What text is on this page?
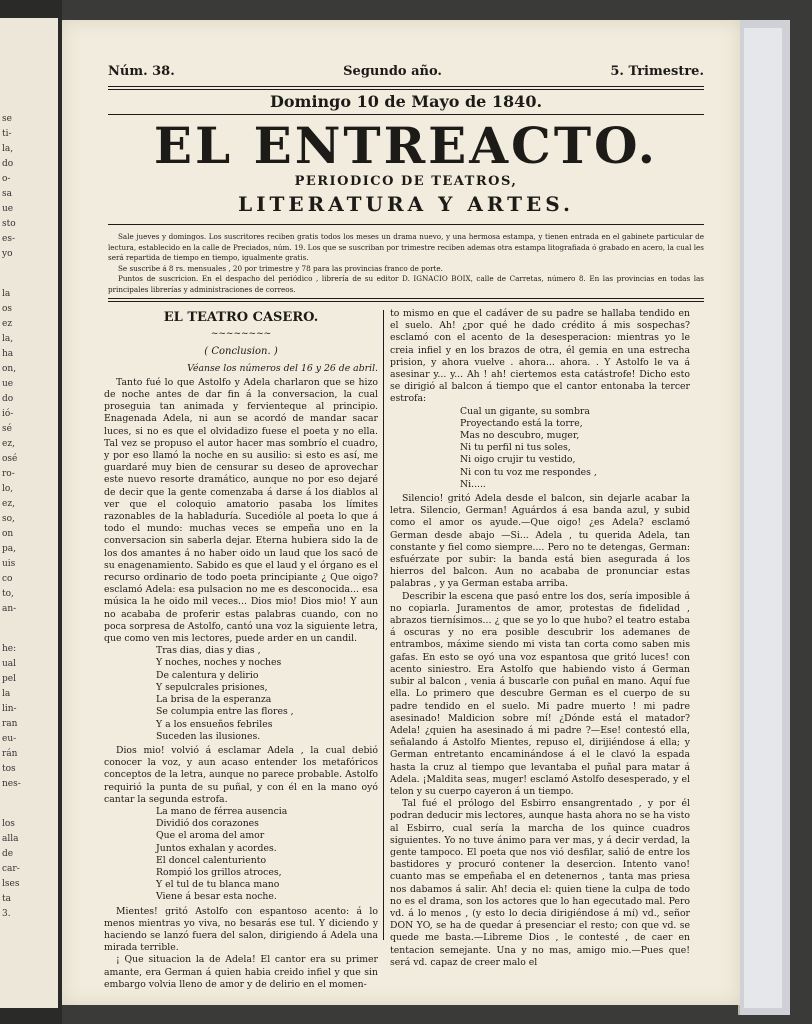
se
ti-
la,
do
o-
sa
ue
sto
es-
yo
la
os
ez
la,
ha
on,
ue
do
ió-
sé
ez,
osé
ro-
lo,
ez,
so,
on
pa,
uis
co
to,
an-
he:
ual
pel
la
lin-
ran
eu-
rán
tos
nes-
los
alla
de
car-
lses
ta
3.
Núm. 38.	Segundo año.	5. Trimestre.
Domingo 10 de Mayo de 1840.
EL ENTREACTO.
PERIODICO DE TEATROS,
LITERATURA Y ARTES.

Sale jueves y domingos. Los suscritores reciben gratis todos los meses un drama nuevo, y una hermosa estampa, y tienen entrada en el gabinete particular de lectura, establecido en la calle de Preciados, núm. 19. Los que se suscriban por trimestre reciben ademas otra estampa litografiada ó grabado en acero, la cual les será repartida de tiempo en tiempo, igualmente gratis.

Se suscribe á 8 rs. mensuales , 20 por trimestre y 78 para las provincias franco de porte.

Puntos de suscricion. En el despacho del periódico , librería de su editor D. IGNACIO BOIX, calle de Carretas, número 8. En las provincias en todas las principales librerías y administraciones de correos.

EL TEATRO CASERO.

~~~~~~~~

( Conclusion. )

Véanse los números del 16 y 26 de abril.

Tanto fué lo que Astolfo y Adela charlaron que se hizo de noche antes de dar fin á la conversacion, la cual proseguia tan animada y fervienteque al principio. Enagenada Adela, ni aun se acordó de mandar sacar luces, si no es que el olvidadizo fuese el poeta y no ella. Tal vez se propuso el autor hacer mas sombrío el cuadro, y por eso llamó la noche en su ausilio: si esto es así, me guardaré muy bien de censurar su deseo de aprovechar este nuevo resorte dramático, aunque no por eso dejaré de decir que la gente comenzaba á darse á los diablos al ver que el coloquio amatorio pasaba los límites razonables de la habladuría. Sucedióle al poeta lo que á todo el mundo: muchas veces se empeña uno en la conversacion sin saberla dejar. Eterna hubiera sido la de los dos amantes á no haber oido un laud que los sacó de su enagenamiento. Sabido es que el laud y el órgano es el recurso ordinario de todo poeta principiante ¿ Que oigo? esclamó Adela: esa pulsacion no me es desconocida... esa música la he oido mil veces... Dios mio! Dios mio! Y aun no acababa de proferir estas palabras cuando, con no poca sorpresa de Astolfo, cantó una voz la siguiente letra, que como ven mis lectores, puede arder en un candil.

Tras dias, dias y dias ,
Y noches, noches y noches
De calentura y delirio
Y sepulcrales prisiones,
La brisa de la esperanza
Se columpia entre las flores ,
Y a los ensueños febriles
Suceden las ilusiones.

Dios mio! volvió á esclamar Adela , la cual debió conocer la voz, y aun acaso entender los metafóricos conceptos de la letra, aunque no parece probable. Astolfo requirió la punta de su puñal, y con él en la mano oyó cantar la segunda estrofa.

La mano de férrea ausencia
Dividió dos corazones
Que el aroma del amor
Juntos exhalan y acordes.
El doncel calenturiento
Rompió los grillos atroces,
Y el tul de tu blanca mano
Viene á besar esta noche.

Mientes! gritó Astolfo con espantoso acento: á lo menos mientras yo viva, no besarás ese tul. Y diciendo y haciendo se lanzó fuera del salon, dirigiendo á Adela una mirada terrible.

¡ Que situacion la de Adela! El cantor era su primer amante, era German á quien habia creido infiel y que sin embargo volvia lleno de amor y de delirio en el momen-

to mismo en que el cadáver de su padre se hallaba tendido en el suelo. Ah! ¿por qué he dado crédito á mis sospechas? esclamó con el acento de la desesperacion: mientras yo le creia infiel y en los brazos de otra, él gemia en una estrecha prision, y ahora vuelve . ahora... ahora. . Y Astolfo le va á asesinar y... y... Ah ! ah! ciertemos esta catástrofe! Dicho esto se dirigió al balcon á tiempo que el cantor entonaba la tercer estrofa:

Cual un gigante, su sombra
Proyectando está la torre,
Mas no descubro, muger,
Ni tu perfil ni tus soles,
Ni oigo crujir tu vestido,
Ni con tu voz me respondes ,
Ni.....

Silencio! gritó Adela desde el balcon, sin dejarle acabar la letra. Silencio, German! Aguárdos á esa banda azul, y subid como el amor os ayude.—Que oigo! ¿es Adela? esclamó German desde abajo —Si... Adela , tu querida Adela, tan constante y fiel como siempre.... Pero no te detengas, German: esfuérzate por subir: la banda está bien asegurada á los hierros del balcon. Aun no acababa de pronunciar estas palabras , y ya German estaba arriba.

Describir la escena que pasó entre los dos, sería imposible á no copiarla. Juramentos de amor, protestas de fidelidad , abrazos tiernísimos... ¿ que se yo lo que hubo? el teatro estaba á oscuras y no era posible descubrir los ademanes de entrambos, máxime siendo mi vista tan corta como saben mis gafas. En esto se oyó una voz espantosa que gritó luces! con acento siniestro. Era Astolfo que habiendo visto á German subir al balcon , venia á buscarle con puñal en mano. Aquí fue ella. Lo primero que descubre German es el cuerpo de su padre tendido en el suelo. Mi padre muerto ! mi padre asesinado! Maldicion sobre mí! ¿Dónde está el matador? Adela! ¿quien ha asesinado á mi padre ?—Ese! contestó ella, señalando á Astolfo Mientes, repuso el, dirijiéndose á ella; y German entretanto encaminándose á el le clavó la espada hasta la cruz al tiempo que levantaba el puñal para matar á Adela. ¡Maldita seas, muger! esclamó Astolfo desesperado, y el telon y su cuerpo cayeron á un tiempo.

Tal fué el prólogo del Esbirro ensangrentado , y por él podran deducir mis lectores, aunque hasta ahora no se ha visto al Esbirro, cual sería la marcha de los quince cuadros siguientes. Yo no tuve ánimo para ver mas, y á decir verdad, la gente tampoco. El poeta que nos vió desfilar, salió de entre los bastidores y procuró contener la desercion. Intento vano! cuanto mas se empeñaba el en detenernos , tanta mas priesa nos dabamos á salir. Ah! decia el: quien tiene la culpa de todo no es el drama, son los actores que lo han egecutado mal. Pero vd. á lo menos , (y esto lo decia dirigiéndose á mí) vd., señor DON YO, se ha de quedar á presenciar el resto; con que vd. se quede me basta.—Libreme Dios , le contesté , de caer en tentacion semejante. Una y no mas, amigo mio.—Pues que! será vd. capaz de creer malo el
